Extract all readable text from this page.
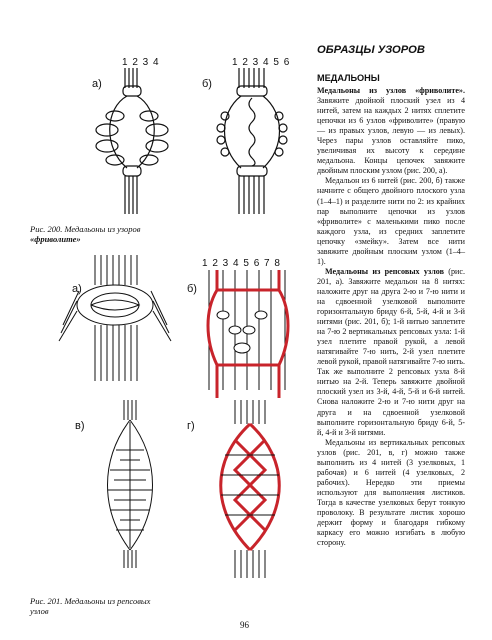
1 2 3 4
а)
1 2 3 4 5 6
б)
Рис. 200. Медальоны из узоров
«фриволите»
а)
1 2 3 4 5 6 7 8
б)
в)	г)
Рис. 201. Медальоны из репсовых
узлов
ОБРАЗЦЫ УЗОРОВ
МЕДАЛЬОНЫ

Медальоны из узлов «фриволите». Завяжите двойной плоский узел из 4 нитей, затем на каждых 2 нитях сплетите цепочки из 6 узлов «фриволите» (правую — из правых узлов, левую — из левых). Через пары узлов оставляйте пико, увеличивая их высоту к середине медальона. Концы цепочек завяжите двойным плоским узлом (рис. 200, а).

Медальон из 6 нитей (рис. 200, б) также начните с общего двойного плоского узла (1–4–1) и разделите нити по 2: из крайних пар выполните цепочки из узлов «фриволите» с маленькими пико после каждого узла, из средних заплетите цепочку «змейку». Затем все нити завяжите двойным плоским узлом (1–4–1).

Медальоны из репсовых узлов (рис. 201, а). Завяжите медальон на 8 нитях: наложите друг на друга 2-ю и 7-ю нити и на сдвоенной узелковой выполните горизонтальную бриду 6-й, 5-й, 4-й и 3-й нитями (рис. 201, б); 1-й нитью заплетите на 7-ю 2 вертикальных репсовых узла: 1-й узел плетите правой рукой, а левой натягивайте 7-ю нить, 2-й узел плетите левой рукой, правой натягивайте 7-ю нить. Так же выполните 2 репсовых узла 8-й нитью на 2-й. Теперь завяжите двойной плоский узел из 3-й, 4-й, 5-й и 6-й нитей. Снова наложите 2-ю и 7-ю нити друг на друга и на сдвоенной узелковой выполните горизонтальную бриду 6-й, 5-й, 4-й и 3-й нитями.

Медальоны из вертикальных репсовых узлов (рис. 201, в, г) можно также выполнить из 4 нитей (3 узелковых, 1 рабочая) и 6 нитей (4 узелковых, 2 рабочих). Нередко эти приемы используют для выполнения листиков. Тогда в качестве узелковых берут тонкую проволоку. В результате листик хорошо держит форму и благодаря гибкому каркасу его можно изгибать в любую сторону.

96
